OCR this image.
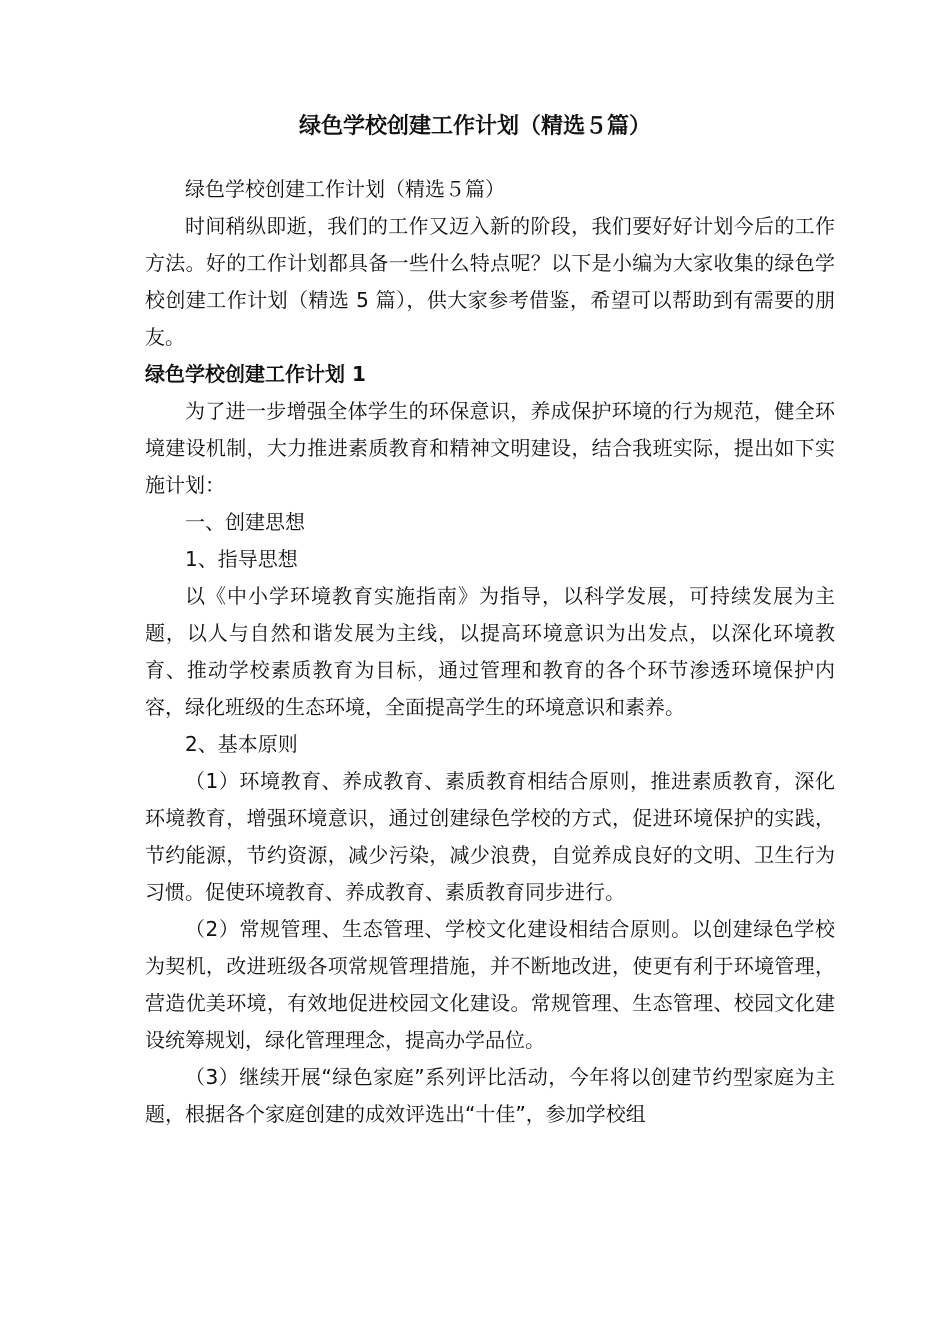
绿色学校创建工作计划（精选５篇）

绿色学校创建工作计划（精选５篇）

时间稍纵即逝，我们的工作又迈入新的阶段，我们要好好计划今后的工作方法。好的工作计划都具备一些什么特点呢？以下是小编为大家收集的绿色学校创建工作计划（精选 5 篇），供大家参考借鉴，希望可以帮助到有需要的朋友。

绿色学校创建工作计划 1

为了进一步增强全体学生的环保意识，养成保护环境的行为规范，健全环境建设机制，大力推进素质教育和精神文明建设，结合我班实际，提出如下实施计划：

一、创建思想

1、指导思想

以《中小学环境教育实施指南》为指导，以科学发展，可持续发展为主题，以人与自然和谐发展为主线，以提高环境意识为出发点，以深化环境教育、推动学校素质教育为目标，通过管理和教育的各个环节渗透环境保护内容，绿化班级的生态环境，全面提高学生的环境意识和素养。

2、基本原则

（1）环境教育、养成教育、素质教育相结合原则，推进素质教育，深化环境教育，增强环境意识，通过创建绿色学校的方式，促进环境保护的实践，节约能源，节约资源，减少污染，减少浪费，自觉养成良好的文明、卫生行为习惯。促使环境教育、养成教育、素质教育同步进行。

（2）常规管理、生态管理、学校文化建设相结合原则。以创建绿色学校为契机，改进班级各项常规管理措施，并不断地改进，使更有利于环境管理，营造优美环境，有效地促进校园文化建设。常规管理、生态管理、校园文化建设统筹规划，绿化管理理念，提高办学品位。

（3）继续开展“绿色家庭”系列评比活动，今年将以创建节约型家庭为主题，根据各个家庭创建的成效评选出“十佳”，参加学校组
